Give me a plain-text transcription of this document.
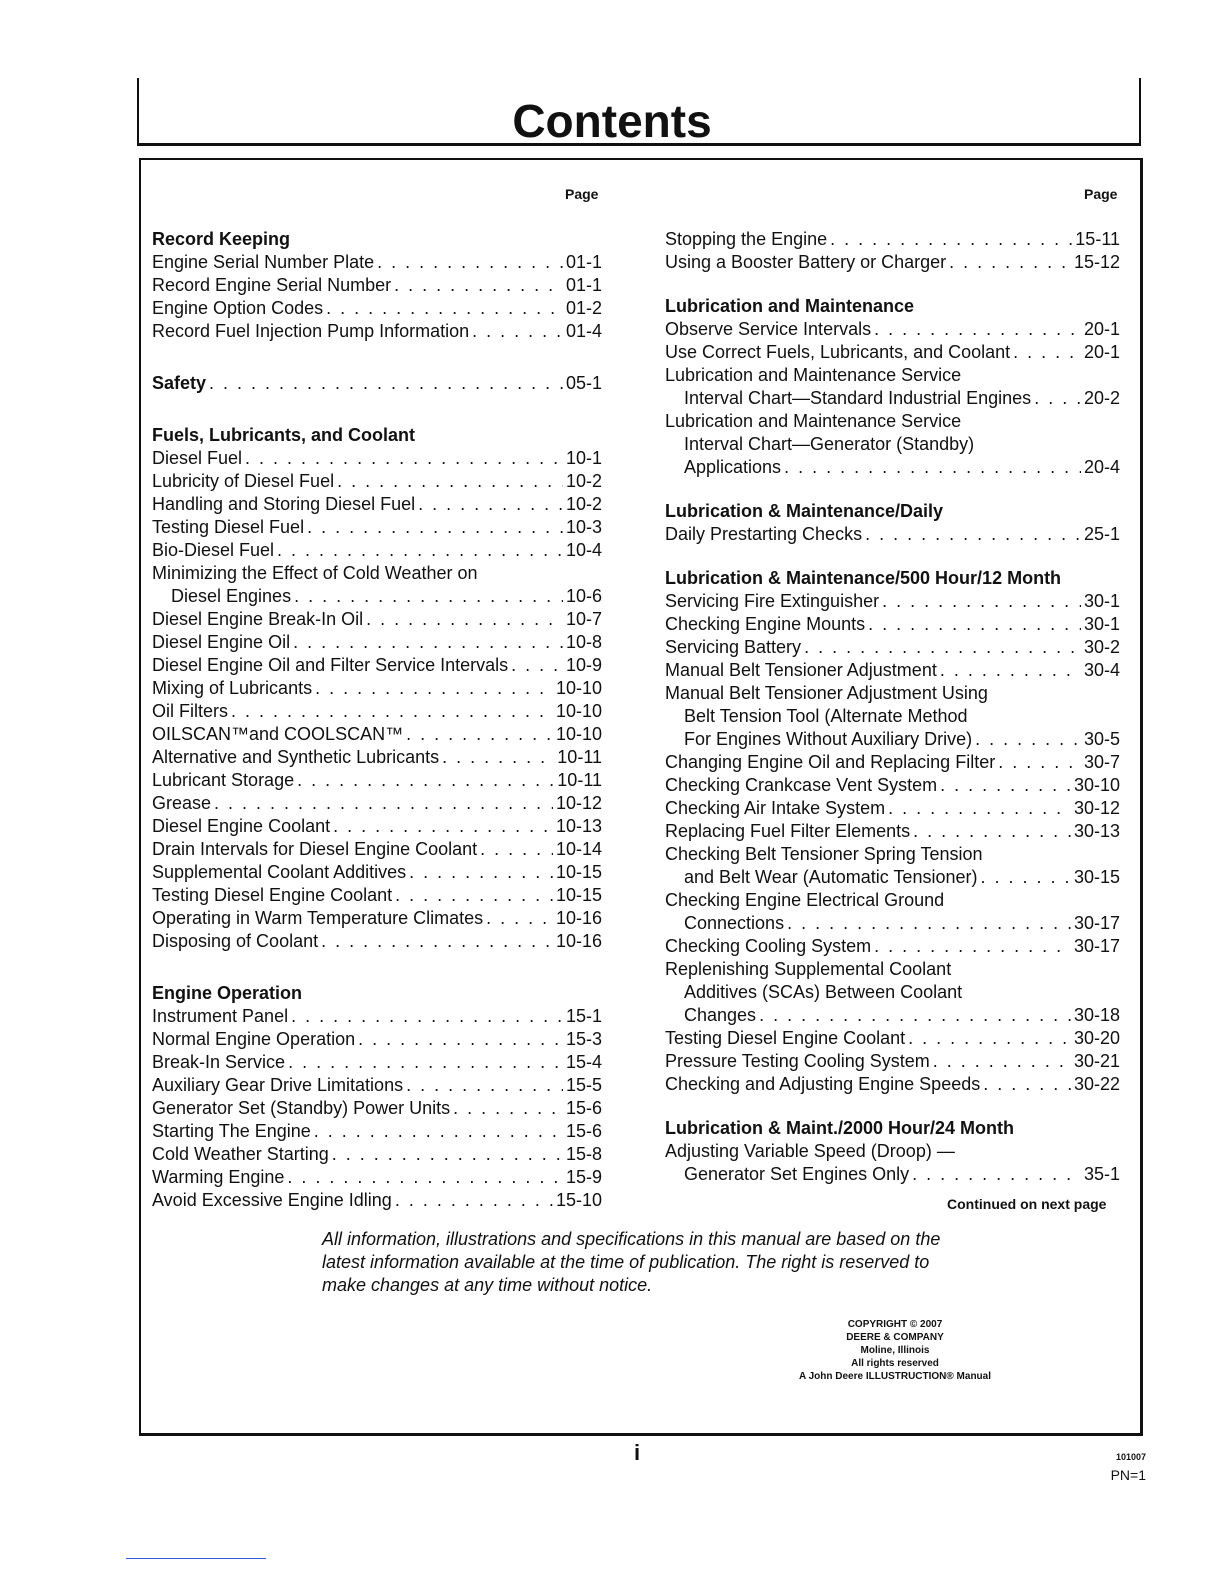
Contents
Page	Page
Record Keeping
Engine Serial Number Plate . . .	01-1
Record Engine Serial Number . . .	01-1
Engine Option Codes . . .	01-2
Record Fuel Injection Pump Information . . .	01-4
Safety . . .	05-1
Fuels, Lubricants, and Coolant
Diesel Fuel . . .	10-1
Lubricity of Diesel Fuel . . .	10-2
Handling and Storing Diesel Fuel . . .	10-2
Testing Diesel Fuel . . .	10-3
Bio-Diesel Fuel . . .	10-4
Minimizing the Effect of Cold Weather on
Diesel Engines . . .	10-6
Diesel Engine Break-In Oil . . .	10-7
Diesel Engine Oil . . .	10-8
Diesel Engine Oil and Filter Service Intervals . . .	10-9
Mixing of Lubricants . . .	10-10
Oil Filters . . .	10-10
OILSCAN™and COOLSCAN™ . . .	10-10
Alternative and Synthetic Lubricants . . .	10-11
Lubricant Storage . . .	10-11
Grease . . .	10-12
Diesel Engine Coolant . . .	10-13
Drain Intervals for Diesel Engine Coolant . . .	10-14
Supplemental Coolant Additives . . .	10-15
Testing Diesel Engine Coolant . . .	10-15
Operating in Warm Temperature Climates . . .	10-16
Disposing of Coolant . . .	10-16
Engine Operation
Instrument Panel . . .	15-1
Normal Engine Operation . . .	15-3
Break-In Service . . .	15-4
Auxiliary Gear Drive Limitations . . .	15-5
Generator Set (Standby) Power Units . . .	15-6
Starting The Engine . . .	15-6
Cold Weather Starting . . .	15-8
Warming Engine . . .	15-9
Avoid Excessive Engine Idling . . .	15-10
Stopping the Engine . . .	15-11
Using a Booster Battery or Charger . . .	15-12
Lubrication and Maintenance
Observe Service Intervals . . .	20-1
Use Correct Fuels, Lubricants, and Coolant . . .	20-1
Lubrication and Maintenance Service
Interval Chart—Standard Industrial Engines . . .	20-2
Lubrication and Maintenance Service
Interval Chart—Generator (Standby)
Applications . . .	20-4
Lubrication & Maintenance/Daily
Daily Prestarting Checks . . .	25-1
Lubrication & Maintenance/500 Hour/12 Month
Servicing Fire Extinguisher . . .	30-1
Checking Engine Mounts . . .	30-1
Servicing Battery . . .	30-2
Manual Belt Tensioner Adjustment . . .	30-4
Manual Belt Tensioner Adjustment Using
Belt Tension Tool (Alternate Method
For Engines Without Auxiliary Drive) . . .	30-5
Changing Engine Oil and Replacing Filter . . .	30-7
Checking Crankcase Vent System . . .	30-10
Checking Air Intake System . . .	30-12
Replacing Fuel Filter Elements . . .	30-13
Checking Belt Tensioner Spring Tension
and Belt Wear (Automatic Tensioner) . . .	30-15
Checking Engine Electrical Ground
Connections . . .	30-17
Checking Cooling System . . .	30-17
Replenishing Supplemental Coolant
Additives (SCAs) Between Coolant
Changes . . .	30-18
Testing Diesel Engine Coolant . . .	30-20
Pressure Testing Cooling System . . .	30-21
Checking and Adjusting Engine Speeds . . .	30-22
Lubrication & Maint./2000 Hour/24 Month
Adjusting Variable Speed (Droop) —
Generator Set Engines Only . . .	35-1
Continued on next page
All information, illustrations and specifications in this manual are based on the latest information available at the time of publication. The right is reserved to make changes at any time without notice.
COPYRIGHT © 2007
DEERE & COMPANY
Moline, Illinois
All rights reserved
A John Deere ILLUSTRUCTION® Manual
i	101007
PN=1
